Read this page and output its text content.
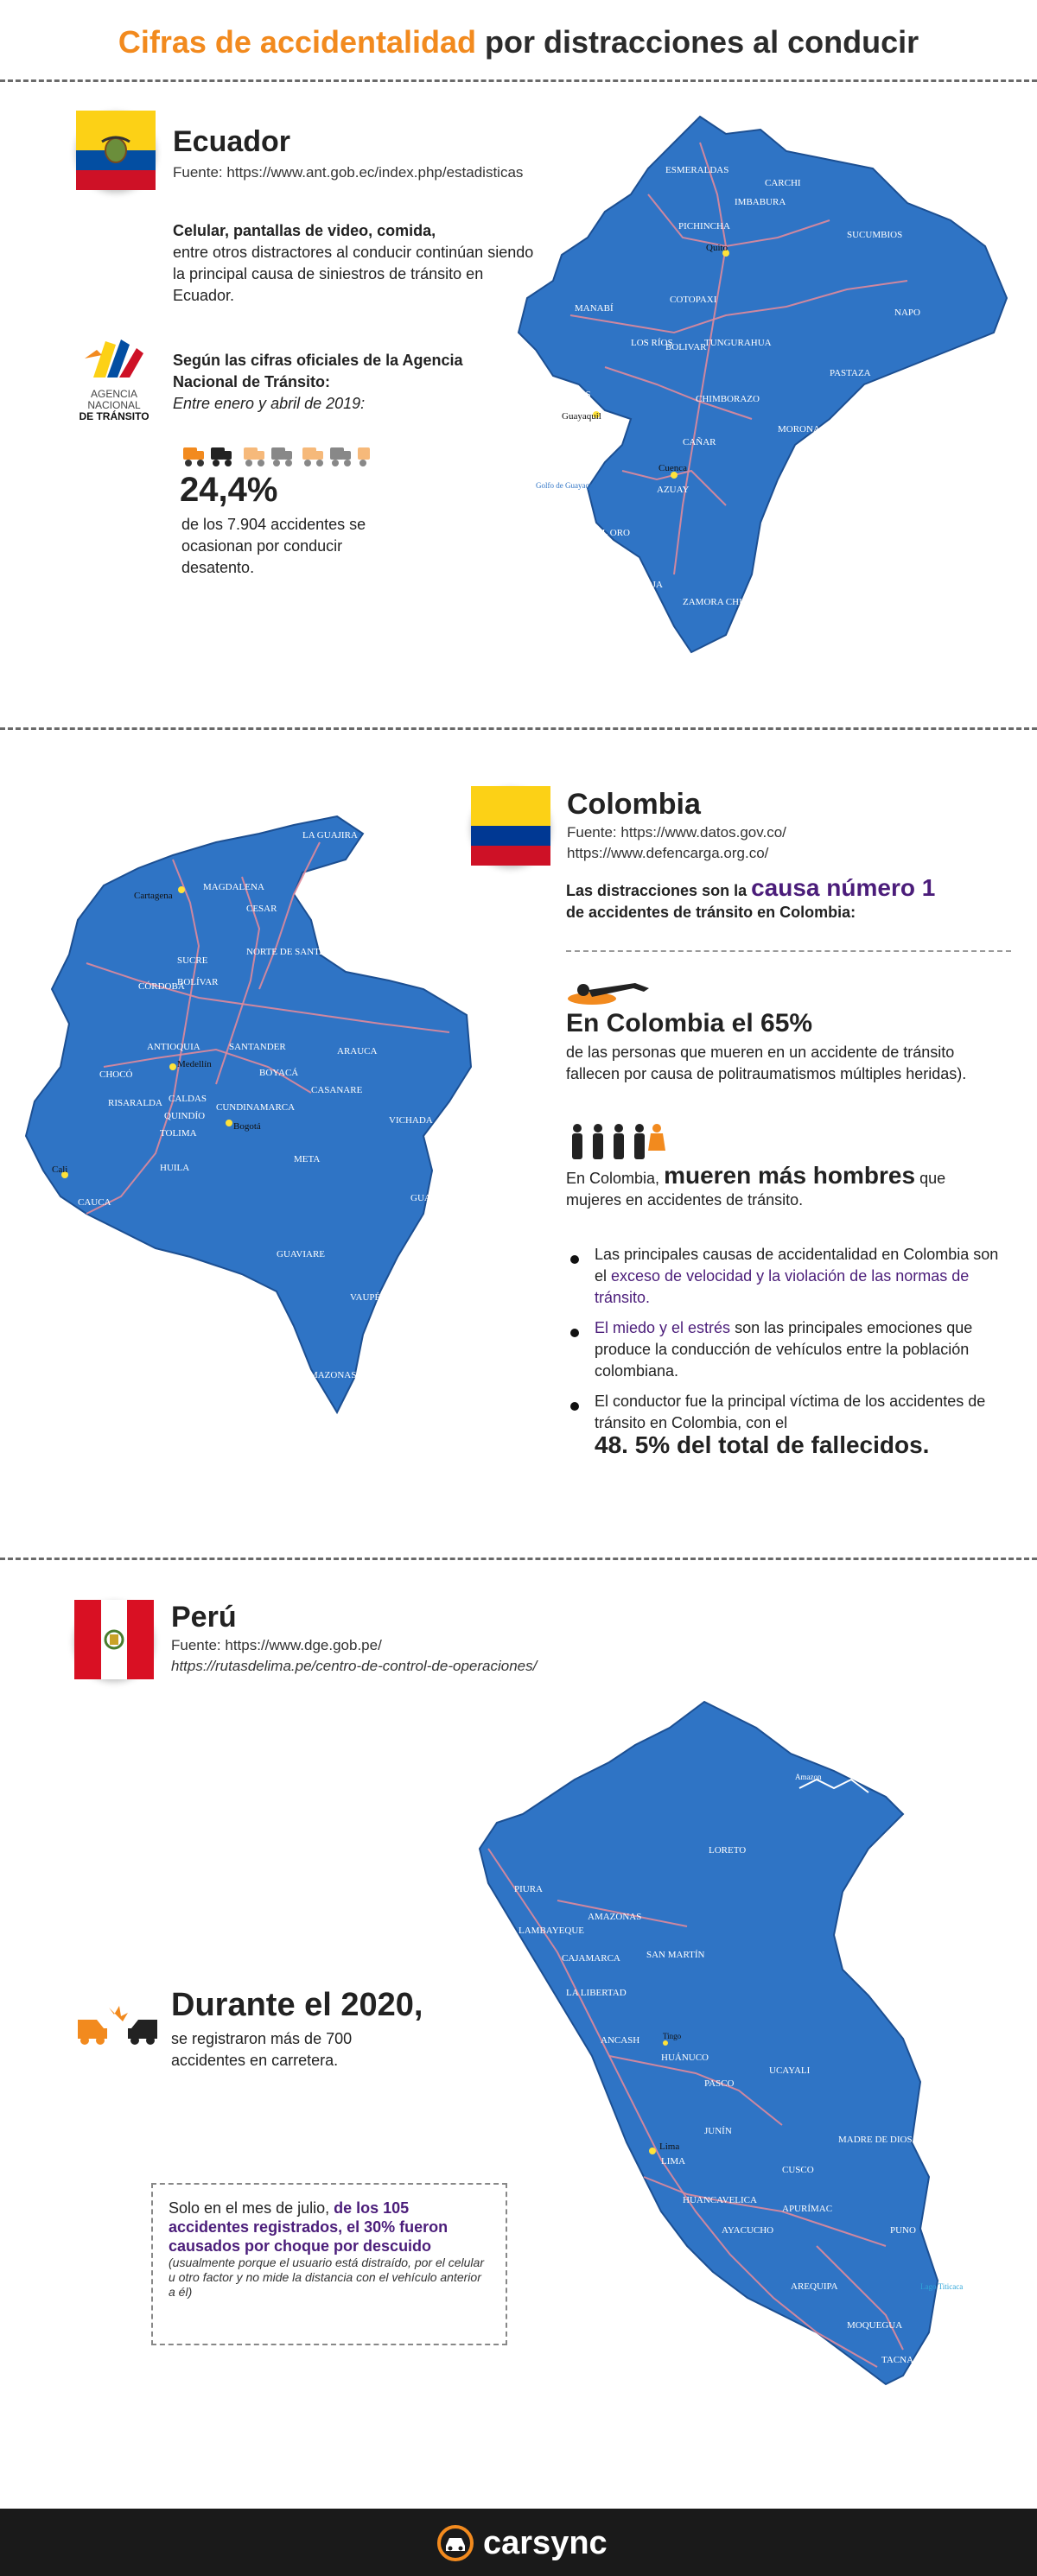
Cifras de accidentalidad por distracciones al conducir
Ecuador
Fuente: https://www.ant.gob.ec/index.php/estadisticas
Celular, pantallas de video, comida,
entre otros distractores al conducir continúan siendo la principal causa de siniestros de tránsito en Ecuador.
AGENCIA
NACIONAL
DE TRÁNSITO
Según las cifras oficiales de la Agencia Nacional de Tránsito:
Entre enero y abril de 2019:
24,4%
de los 7.904 accidentes se ocasionan por conducir desatento.
ESMERALDAS
CARCHI
IMBABURA
PICHINCHA
SUCUMBIOS
MANABÍ
COTOPAXI
NAPO
LOS RÍOS
BOLIVAR
TUNGURAHUA
PASTAZA
GUAYAS	CHIMBORAZO
MORONA-SANTIAGO
CAÑAR
AZUAY
EL ORO
LOJA
ZAMORA CHINCHIPE
Quito
Guayaquil
Cuenca
Golfo de Guayaquil
Santa Elena
Colombia
Fuente: https://www.datos.gov.co/
https://www.defencarga.org.co/
Las distracciones son la causa número 1
de accidentes de tránsito en Colombia:
En Colombia el 65%
de las personas que mueren en un accidente de tránsito fallecen por causa de politraumatismos múltiples heridas).
En Colombia, mueren más hombres que
mujeres en accidentes de tránsito.
Las principales causas de accidentalidad en Colombia son el exceso de velocidad y la violación de las normas de tránsito.
El miedo y el estrés son las principales emociones que produce la conducción de vehículos entre la población colombiana.
El conductor fue la principal víctima de los accidentes de tránsito en Colombia, con el
48. 5% del total de fallecidos.
LA GUAJIRA
MAGDALENA
CESAR
SUCRE
BOLÍVAR
CÓRDOBA
NORTE DE SANTANDER
ANTIOQUIA	SANTANDER	ARAUCA
CHOCÓ	BOYACÁ
CASANARE
RISARALDA CALDAS
CUNDINAMARCA
VICHADA
TOLIMA
META
QUINDÍO
HUILA
GUAINÍA
CAUCA
NARIÑO
GUAVIARE
PUTUMAYO	CAQUETÁ	VAUPÉS
AMAZONAS
Cartagena
Medellín
Bogotá
Cali
Perú
Fuente: https://www.dge.gob.pe/
https://rutasdelima.pe/centro-de-control-de-operaciones/
Durante el 2020,
se registraron más de 700 accidentes en carretera.
Solo en el mes de julio, de los 105 accidentes registrados, el 30% fueron causados por choque por descuido
(usualmente porque el usuario está distraído, por el celular u otro factor y no mide la distancia con el vehículo anterior a él)
LORETO
PIURA
AMAZONAS
LAMBAYEQUE
CAJAMARCA	SAN MARTÍN
LA LIBERTAD
ANCASH
HUÁNUCO
UCAYALI
PASCO
JUNÍN
LIMA
MADRE DE DIOS
CUSCO
HUANCAVELICA
AYACUCHO
APURÍMAC
PUNO
AREQUIPA
MOQUEGUA
TACNA
Lima
Tingo
Amazon
Lago Titicaca
carsync
